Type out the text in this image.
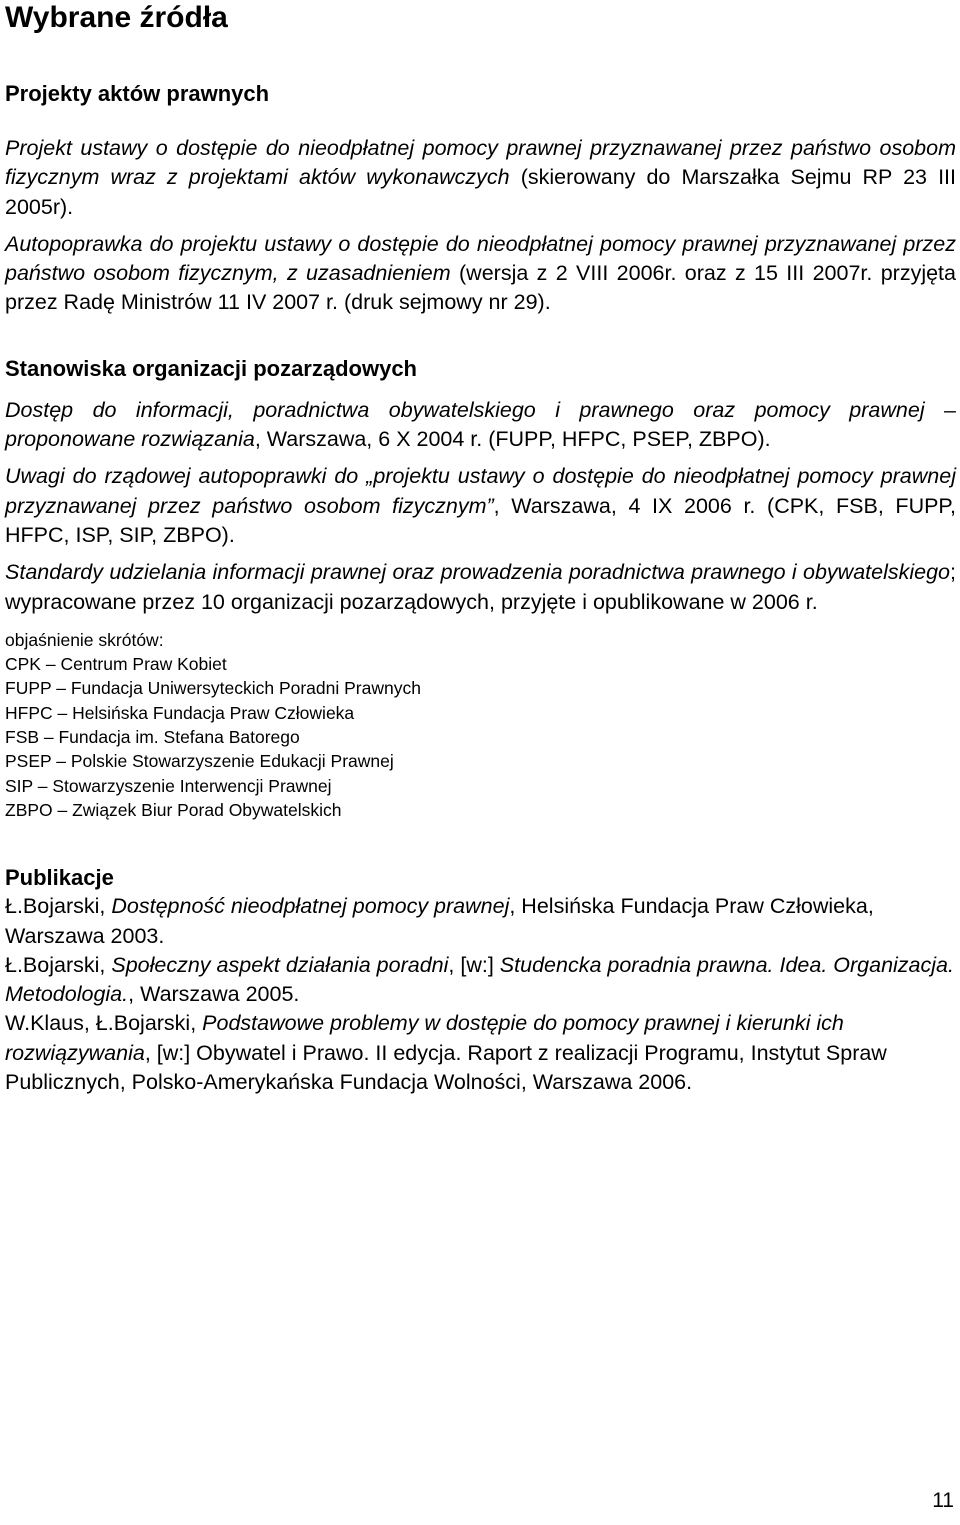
Wybrane źródła
Projekty aktów prawnych

Projekt ustawy o dostępie do nieodpłatnej pomocy prawnej przyznawanej przez państwo osobom fizycznym wraz z projektami aktów wykonawczych (skierowany do Marszałka Sejmu RP 23 III 2005r).

Autopoprawka do projektu ustawy o dostępie do nieodpłatnej pomocy prawnej przyznawanej przez państwo osobom fizycznym, z uzasadnieniem (wersja z 2 VIII 2006r. oraz z 15 III 2007r. przyjęta przez Radę Ministrów 11 IV 2007 r. (druk sejmowy nr 29).

Stanowiska organizacji pozarządowych

Dostęp do informacji, poradnictwa obywatelskiego i prawnego oraz pomocy prawnej – proponowane rozwiązania, Warszawa, 6 X 2004 r. (FUPP, HFPC, PSEP, ZBPO).

Uwagi do rządowej autopoprawki do „projektu ustawy o dostępie do nieodpłatnej pomocy prawnej przyznawanej przez państwo osobom fizycznym”, Warszawa, 4 IX 2006 r. (CPK, FSB, FUPP, HFPC, ISP, SIP, ZBPO).

Standardy udzielania informacji prawnej oraz prowadzenia poradnictwa prawnego i obywatelskiego; wypracowane przez 10 organizacji pozarządowych, przyjęte i opublikowane w 2006 r.

objaśnienie skrótów:

CPK – Centrum Praw Kobiet

FUPP – Fundacja Uniwersyteckich Poradni Prawnych

HFPC – Helsińska Fundacja Praw Człowieka

FSB – Fundacja im. Stefana Batorego

PSEP – Polskie Stowarzyszenie Edukacji Prawnej

SIP – Stowarzyszenie Interwencji Prawnej

ZBPO – Związek Biur Porad Obywatelskich

Publikacje

Ł.Bojarski, Dostępność nieodpłatnej pomocy prawnej, Helsińska Fundacja Praw Człowieka, Warszawa 2003.

Ł.Bojarski, Społeczny aspekt działania poradni, [w:] Studencka poradnia prawna. Idea. Organizacja. Metodologia., Warszawa 2005.

W.Klaus, Ł.Bojarski, Podstawowe problemy w dostępie do pomocy prawnej i kierunki ich rozwiązywania, [w:] Obywatel i Prawo. II edycja. Raport z realizacji Programu, Instytut Spraw Publicznych, Polsko-Amerykańska Fundacja Wolności, Warszawa 2006.

11
